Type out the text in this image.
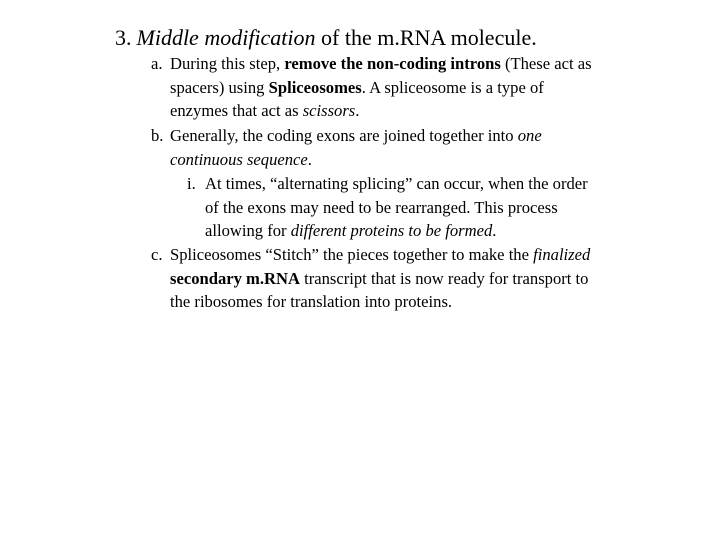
3. Middle modification of the m.RNA molecule.
a. During this step, remove the non-coding introns (These act as
spacers) using Spliceosomes. A spliceosome is a type of
enzymes that act as scissors.
b. Generally, the coding exons are joined together into one
continuous sequence.
i. At times, “alternating splicing” can occur, when the order
of the exons may need to be rearranged. This process
allowing for different proteins to be formed.
c. Spliceosomes “Stitch” the pieces together to make the finalized
secondary m.RNA transcript that is now ready for transport to
the ribosomes for translation into proteins.
